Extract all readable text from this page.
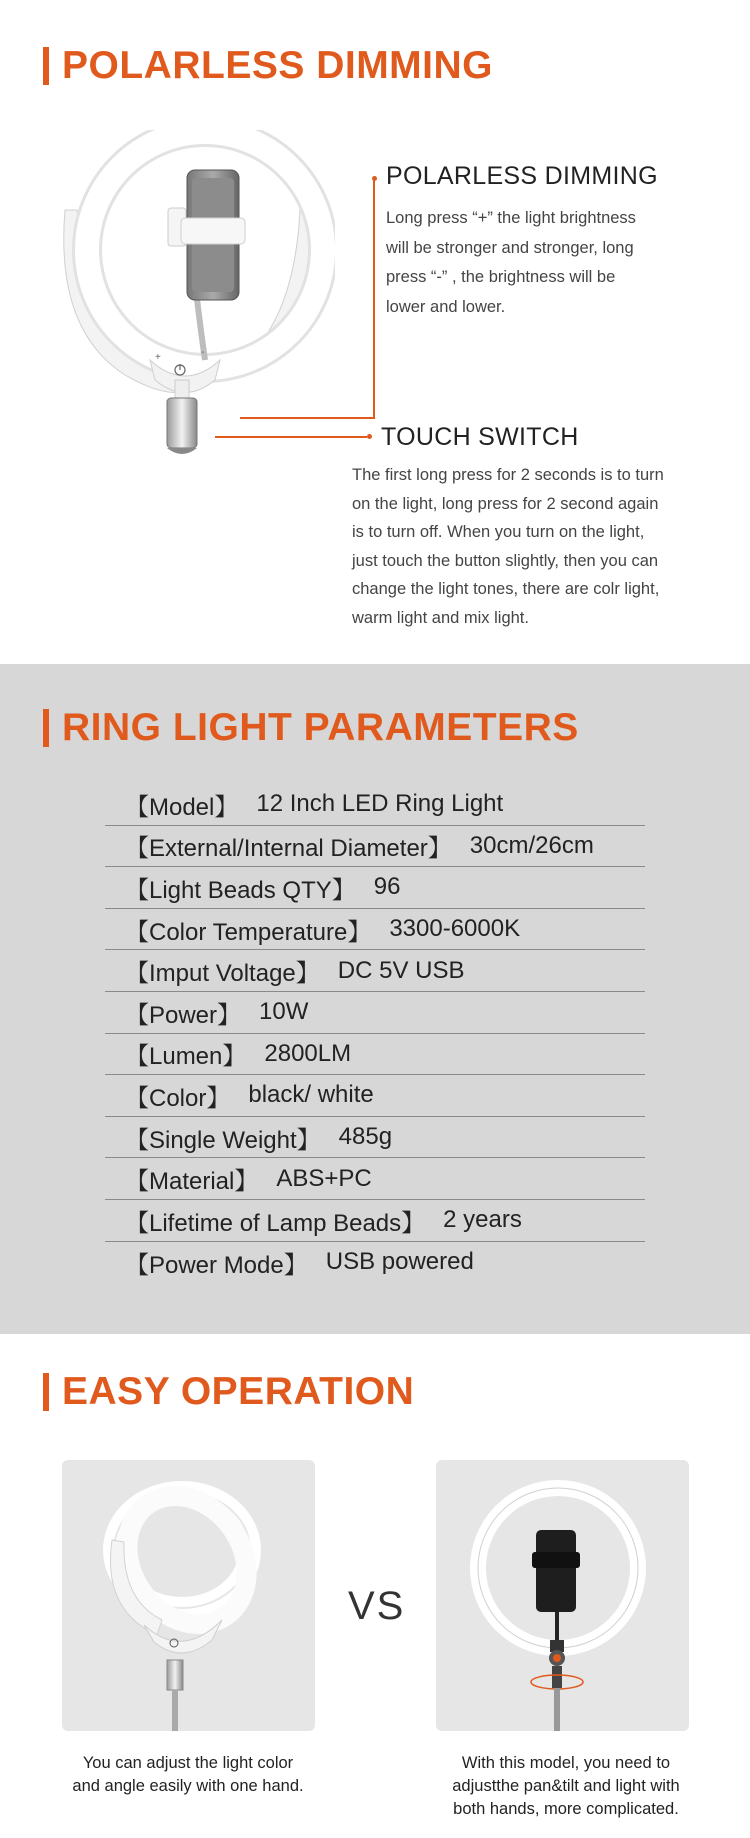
POLARLESS DIMMING
+	-
POLARLESS DIMMING
Long press “+” the light brightness
will be stronger and stronger, long
press “-” , the brightness will be
lower and lower.
TOUCH SWITCH
The first long press for 2 seconds is to turn
on the light, long press for 2 second again
is to turn off. When you turn on the light,
just touch the button slightly, then you can
change the light tones, there are colr light,
warm light and mix light.
RING LIGHT PARAMETERS
【Model】 12 Inch LED Ring Light
【External/Internal Diameter】 30cm/26cm
【Light Beads QTY】 96
【Color Temperature】 3300-6000K
【Imput Voltage】 DC 5V USB
【Power】 10W
【Lumen】 2800LM
【Color】 black/ white
【Single Weight】 485g
【Material】 ABS+PC
【Lifetime of Lamp Beads】 2 years
【Power Mode】 USB powered
EASY OPERATION
VS
You can adjust the light color
and angle easily with one hand.
With this model, you need to
adjustthe pan&tilt and light with
both hands, more complicated.
